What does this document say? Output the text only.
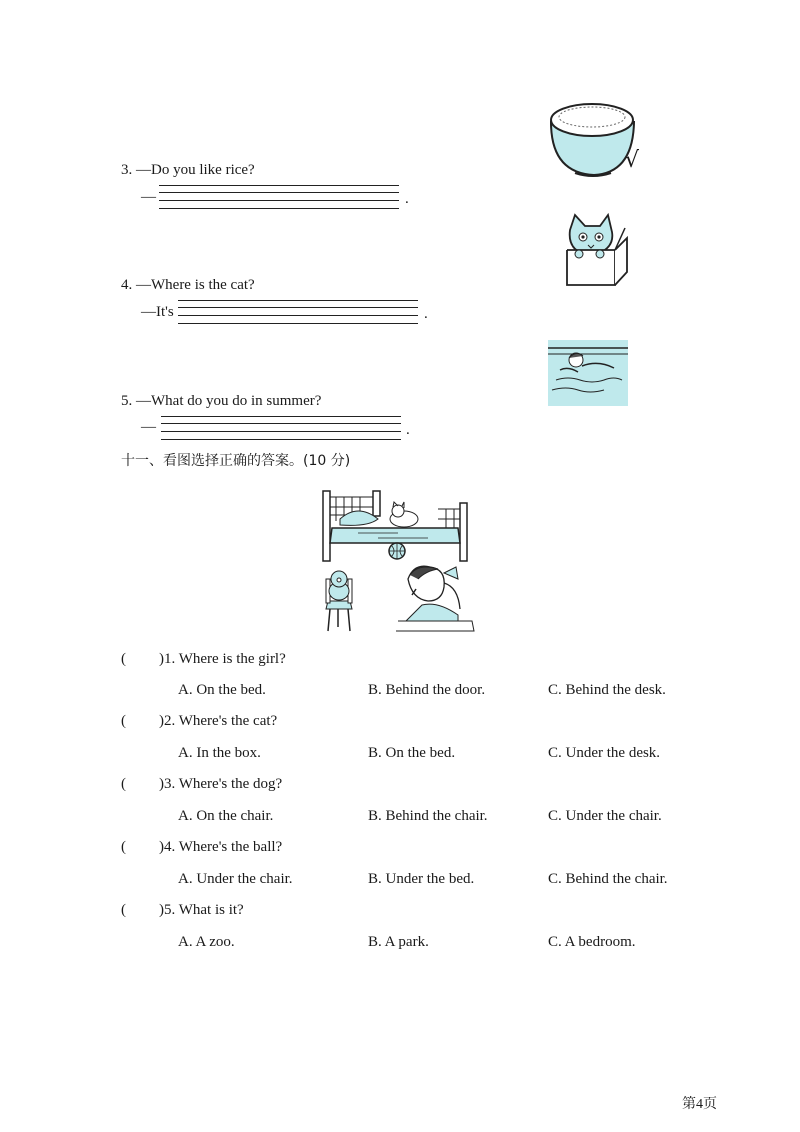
3. —Do you like rice?
—	.
4. —Where is the cat?
—It's	.
5. —What do you do in summer?
—	.
√
十一、看图选择正确的答案。(10 分)
( )1. Where is the girl?
A. On the bed.	B. Behind the door.	C. Behind the desk.
( )2. Where's the cat?
A. In the box.	B. On the bed.	C. Under the desk.
( )3. Where's the dog?
A. On the chair.	B. Behind the chair.	C. Under the chair.
( )4. Where's the ball?
A. Under the chair.	B. Under the bed.	C. Behind the chair.
( )5. What is it?
A. A zoo.	B. A park.	C. A bedroom.
第4页
